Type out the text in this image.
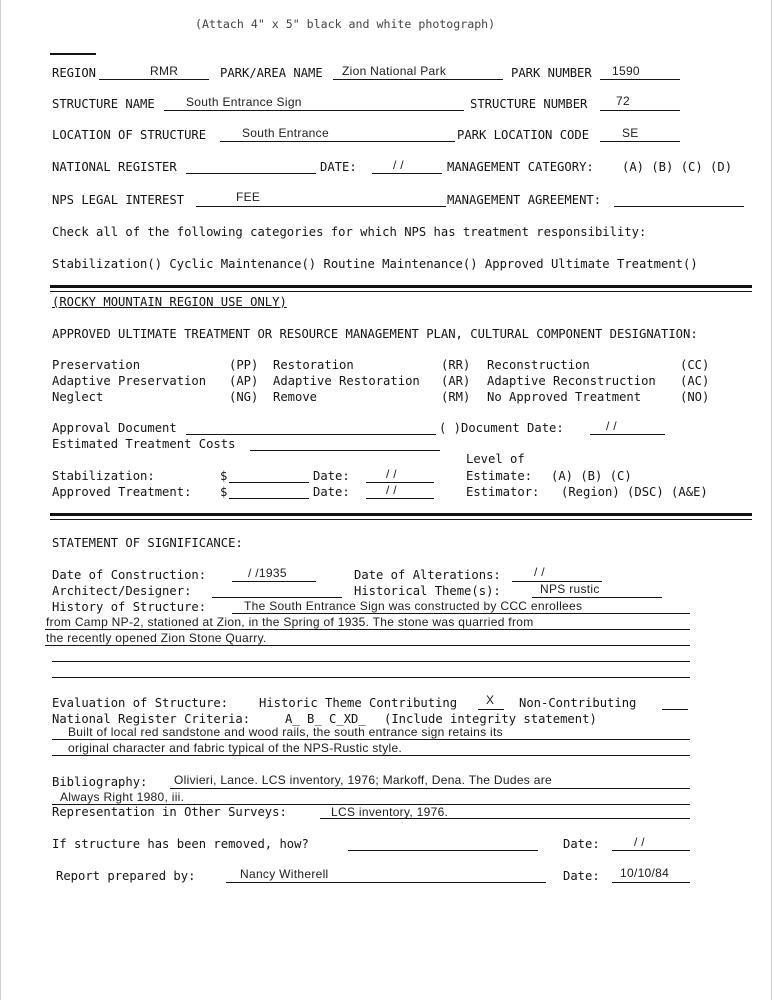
(Attach 4" x 5" black and white photograph)
REGION	RMR	PARK/AREA NAME Zion National Park	PARK NUMBER 1590
STRUCTURE NAME	South Entrance Sign	STRUCTURE NUMBER 72
LOCATION OF STRUCTURE	South Entrance	PARK LOCATION CODE	SE
NATIONAL REGISTER	DATE:	/ /	MANAGEMENT CATEGORY: (A) (B) (C) (D)
NPS LEGAL INTEREST	FEE	MANAGEMENT AGREEMENT:
Check all of the following categories for which NPS has treatment responsibility:
Stabilization() Cyclic Maintenance() Routine Maintenance() Approved Ultimate Treatment()
(ROCKY MOUNTAIN REGION USE ONLY)
APPROVED ULTIMATE TREATMENT OR RESOURCE MANAGEMENT PLAN, CULTURAL COMPONENT DESIGNATION:
Preservation	(PP) Restoration	(RR) Reconstruction	(CC)
Adaptive Preservation (AP) Adaptive Restoration (AR) Adaptive Reconstruction (AC)
Neglect	(NG) Remove	(RM) No Approved Treatment	(NO)
Approval Document	( )Document Date:	/ /
Estimated Treatment Costs
Level of
Stabilization:	$	Date:	/ /	Estimate: (A) (B) (C)
Approved Treatment: $	Date:	/ /	Estimator: (Region) (DSC) (A&E)
STATEMENT OF SIGNIFICANCE:
Date of Construction:	/ /1935	Date of Alterations:	/ /
Architect/Designer:	Historical Theme(s):	NPS rustic
History of Structure:	The South Entrance Sign was constructed by CCC enrollees
from Camp NP-2, stationed at Zion, in the Spring of 1935. The stone was quarried from
the recently opened Zion Stone Quarry.
Evaluation of Structure:	Historic Theme Contributing X Non-Contributing
National Register Criteria:	A_ B_ C_XD_ (Include integrity statement)
Built of local red sandstone and wood rails, the south entrance sign retains its
original character and fabric typical of the NPS-Rustic style.
Bibliography: Olivieri, Lance. LCS inventory, 1976; Markoff, Dena. The Dudes are
Always Right 1980, iii.
Representation in Other Surveys:	LCS inventory, 1976.
If structure has been removed, how?	Date:	/ /
Report prepared by:	Nancy Witherell	Date: 10/10/84
